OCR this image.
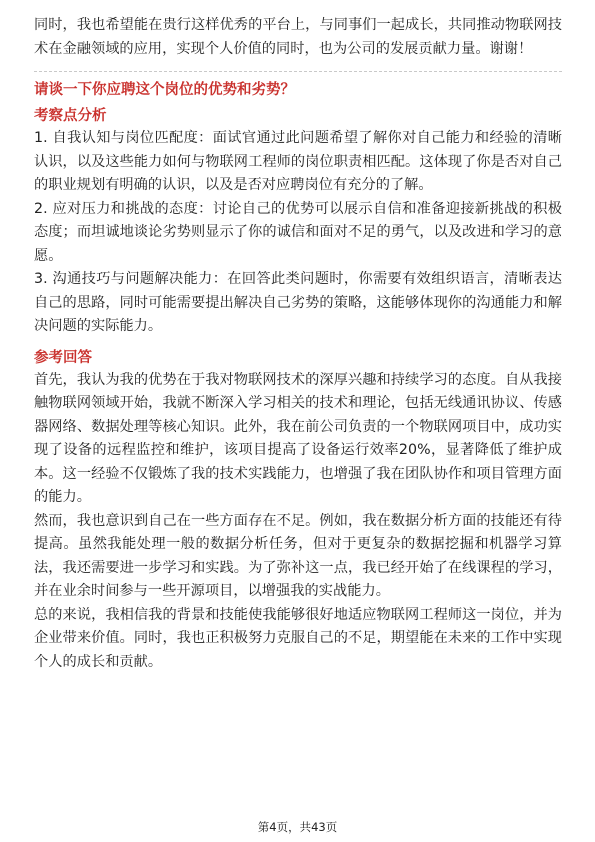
同时，我也希望能在贵行这样优秀的平台上，与同事们一起成长，共同推动物联网技术在金融领域的应用，实现个人价值的同时，也为公司的发展贡献力量。谢谢！

请谈一下你应聘这个岗位的优势和劣势？
考察点分析

1. 自我认知与岗位匹配度：面试官通过此问题希望了解你对自己能力和经验的清晰认识，以及这些能力如何与物联网工程师的岗位职责相匹配。这体现了你是否对自己的职业规划有明确的认识，以及是否对应聘岗位有充分的了解。

2. 应对压力和挑战的态度：讨论自己的优势可以展示自信和准备迎接新挑战的积极态度；而坦诚地谈论劣势则显示了你的诚信和面对不足的勇气，以及改进和学习的意愿。

3. 沟通技巧与问题解决能力：在回答此类问题时，你需要有效组织语言，清晰表达自己的思路，同时可能需要提出解决自己劣势的策略，这能够体现你的沟通能力和解决问题的实际能力。

参考回答

首先，我认为我的优势在于我对物联网技术的深厚兴趣和持续学习的态度。自从我接触物联网领域开始，我就不断深入学习相关的技术和理论，包括无线通讯协议、传感器网络、数据处理等核心知识。此外，我在前公司负责的一个物联网项目中，成功实现了设备的远程监控和维护，该项目提高了设备运行效率20%，显著降低了维护成本。这一经验不仅锻炼了我的技术实践能力，也增强了我在团队协作和项目管理方面的能力。

然而，我也意识到自己在一些方面存在不足。例如，我在数据分析方面的技能还有待提高。虽然我能处理一般的数据分析任务，但对于更复杂的数据挖掘和机器学习算法，我还需要进一步学习和实践。为了弥补这一点，我已经开始了在线课程的学习，并在业余时间参与一些开源项目，以增强我的实战能力。

总的来说，我相信我的背景和技能使我能够很好地适应物联网工程师这一岗位，并为企业带来价值。同时，我也正积极努力克服自己的不足，期望能在未来的工作中实现个人的成长和贡献。

第4页，共43页
